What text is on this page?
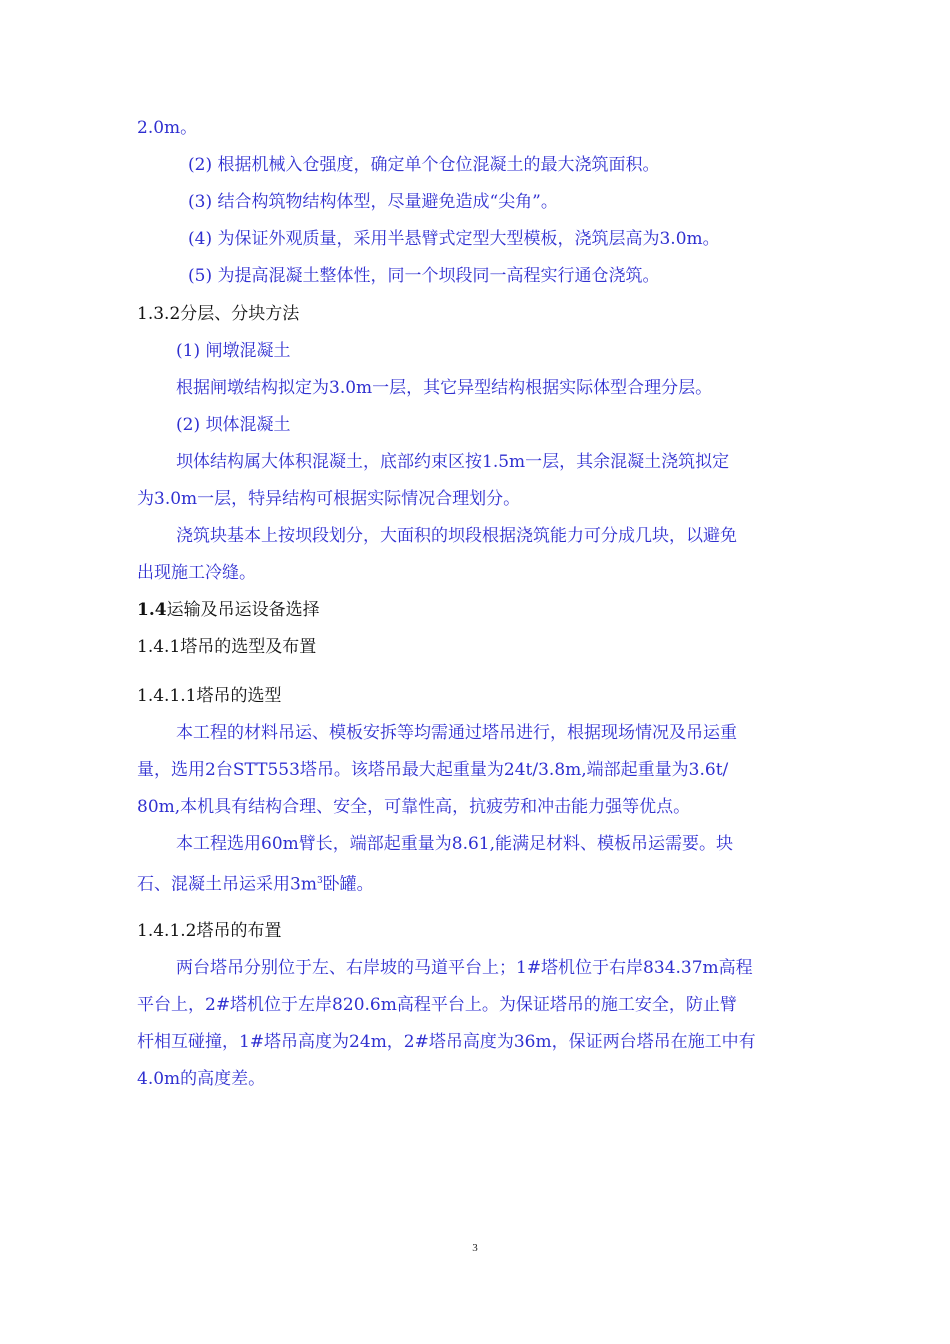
2.0m。
(2) 根据机械入仓强度，确定单个仓位混凝土的最大浇筑面积。
(3) 结合构筑物结构体型，尽量避免造成“尖角”。
(4) 为保证外观质量，采用半悬臂式定型大型模板，浇筑层高为3.0m。
(5) 为提高混凝土整体性，同一个坝段同一高程实行通仓浇筑。
1.3.2分层、分块方法
(1) 闸墩混凝土
根据闸墩结构拟定为3.0m一层，其它异型结构根据实际体型合理分层。
(2) 坝体混凝土
坝体结构属大体积混凝土，底部约束区按1.5m一层，其余混凝土浇筑拟定
为3.0m一层，特异结构可根据实际情况合理划分。
浇筑块基本上按坝段划分，大面积的坝段根据浇筑能力可分成几块，以避免
出现施工冷缝。
1.4运输及吊运设备选择
1.4.1塔吊的选型及布置
1.4.1.1塔吊的选型
本工程的材料吊运、模板安拆等均需通过塔吊进行，根据现场情况及吊运重
量，选用2台STT553塔吊。该塔吊最大起重量为24t/3.8m,端部起重量为3.6t/
80m,本机具有结构合理、安全，可靠性高，抗疲劳和冲击能力强等优点。
本工程选用60m臂长，端部起重量为8.61,能满足材料、模板吊运需要。块
石、混凝土吊运采用$3m^3$卧罐。
1.4.1.2塔吊的布置
两台塔吊分别位于左、右岸坡的马道平台上；1#塔机位于右岸834.37m高程
平台上，2#塔机位于左岸820.6m高程平台上。为保证塔吊的施工安全，防止臂
杆相互碰撞，1#塔吊高度为24m，2#塔吊高度为36m，保证两台塔吊在施工中有
4.0m的高度差。
3
